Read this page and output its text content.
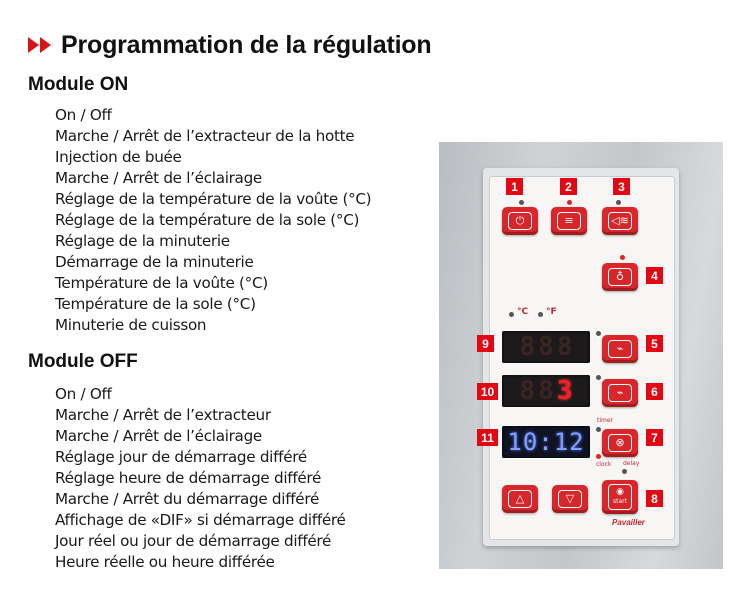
Programmation de la régulation
Module ON
On / Off
Marche / Arrêt de l’extracteur de la hotte
Injection de buée
Marche / Arrêt de l’éclairage
Réglage de la température de la voûte (°C)
Réglage de la température de la sole (°C)
Réglage de la minuterie
Démarrage de la minuterie
Température de la voûte (°C)
Température de la sole (°C)
Minuterie de cuisson
Module OFF
On / Off
Marche / Arrêt de l’extracteur
Marche / Arrêt de l’éclairage
Réglage jour de démarrage différé
Réglage heure de démarrage différé
Marche / Arrêt du démarrage différé
Affichage de «DIF» si démarrage différé
Jour réel ou jour de démarrage différé
Heure réelle ou heure différée
⏻	≡	◁≋
♁
°C °F
8 8 8	⌁
8 8 3	⌁
timer
10:12	⊗
clock delay
△	▽	◉
start
Pavailler
1	2	3
4
5
6
7
8
9
10
11
